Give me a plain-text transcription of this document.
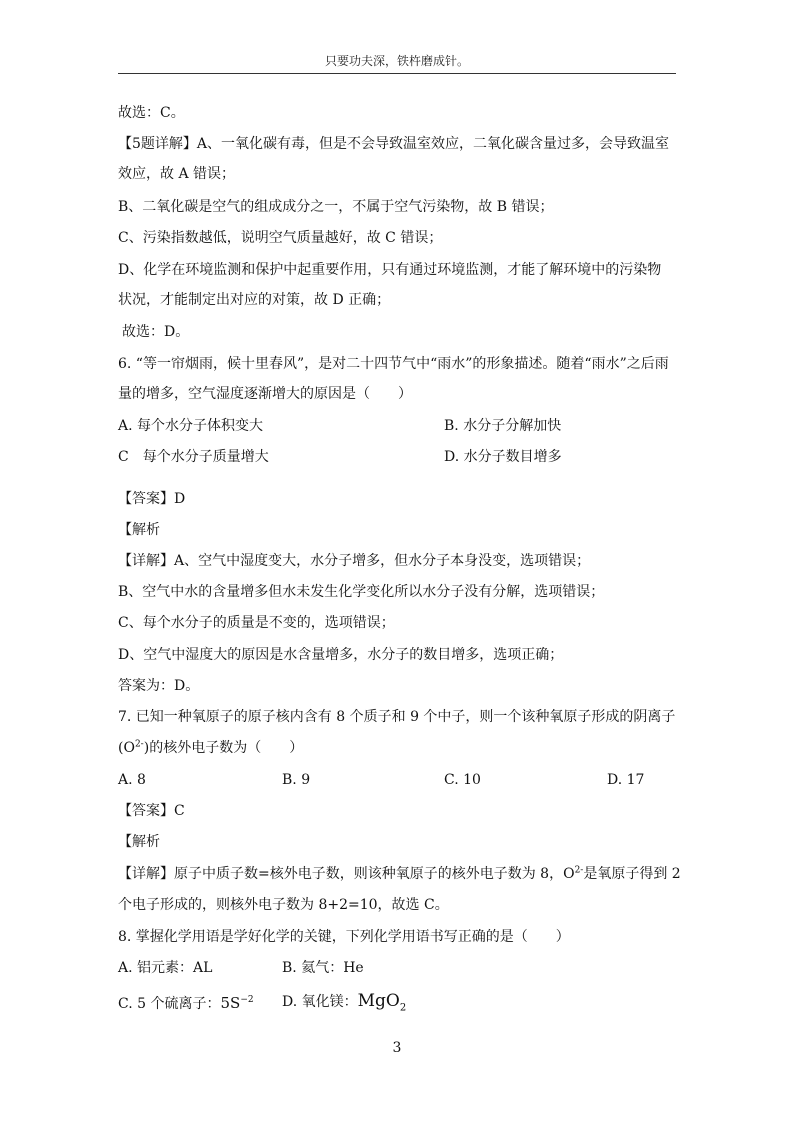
只要功夫深，铁杵磨成针。
故选：C。
【5题详解】A、一氧化碳有毒，但是不会导致温室效应，二氧化碳含量过多，会导致温室
效应，故 A 错误；
B、二氧化碳是空气的组成成分之一，不属于空气污染物，故 B 错误；
C、污染指数越低，说明空气质量越好，故 C 错误；
D、化学在环境监测和保护中起重要作用，只有通过环境监测，才能了解环境中的污染物
状况，才能制定出对应的对策，故 D 正确；
故选：D。
6. “等一帘烟雨，候十里春风”，是对二十四节气中“雨水”的形象描述。随着“雨水”之后雨
量的增多，空气湿度逐渐增大的原因是（　　）
A. 每个水分子体积变大	B. 水分子分解加快
C　每个水分子质量增大	D. 水分子数目增多
【答案】D
【解析
【详解】A、空气中湿度变大，水分子增多，但水分子本身没变，选项错误；
B、空气中水的含量增多但水未发生化学变化所以水分子没有分解，选项错误；
C、每个水分子的质量是不变的，选项错误；
D、空气中湿度大的原因是水含量增多，水分子的数目增多，选项正确；
答案为：D。
7. 已知一种氧原子的原子核内含有 8 个质子和 9 个中子，则一个该种氧原子形成的阴离子
$(O^{2-})$的核外电子数为（　　）
A. 8	B. 9	C. 10	D. 17
【答案】C
【解析
【详解】原子中质子数=核外电子数，则该种氧原子的核外电子数为 8，$O^{2-}$是氧原子得到 2
个电子形成的，则核外电子数为 8+2=10，故选 C。
8. 掌握化学用语是学好化学的关键，下列化学用语书写正确的是（　　）
A. 铝元素：AL	B. 氦气：He
C. 5 个硫离子：$5S^{-2}$ D. 氧化镁：MgO$_2$
3
